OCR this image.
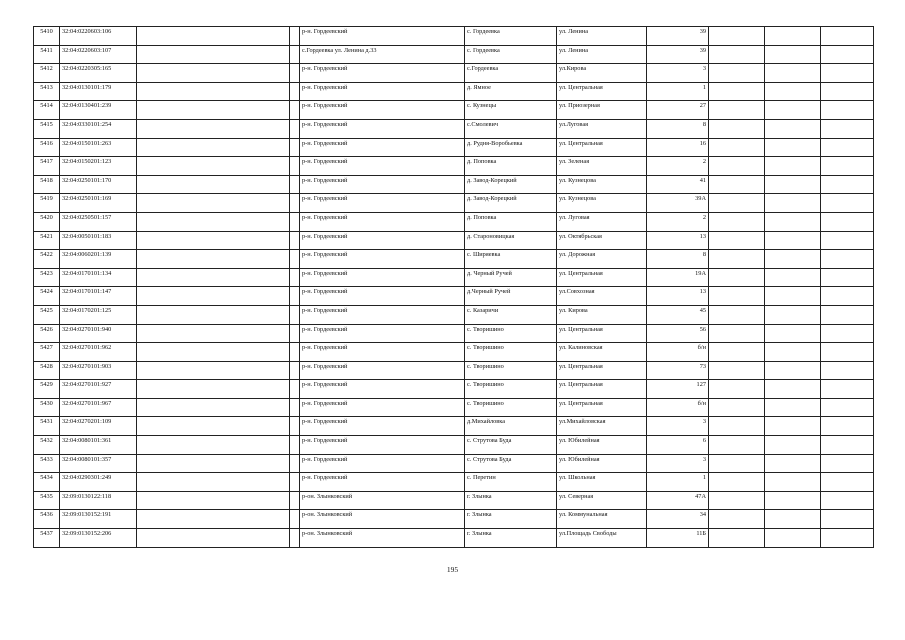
5410	32:04:0220603:106			р-н. Гордеевский	с. Гордеевка	ул. Ленина	39			
5411	32:04:0220603:107			с.Гордеевка ул. Ленина д.33	с. Гордеевка	ул. Ленина	39			
5412	32:04:0220305:165			р-н. Гордеевский	с.Гордеевка	ул.Кирова	3			
5413	32:04:0130101:179			р-н. Гордеевский	д. Ямное	ул. Центральная	1			
5414	32:04:0130401:239			р-н. Гордеевский	с. Кузнецы	ул. Приозерная	27			
5415	32:04:0330101:254			р-н. Гордеевский	с.Смолевич	ул.Луговая	8			
5416	32:04:0150101:263			р-н. Гордеевский	д. Рудня-Воробьевка	ул. Центральная	16			
5417	32:04:0150201:123			р-н. Гордеевский	д. Поповка	ул. Зеленая	2			
5418	32:04:0250101:170			р-н. Гордеевский	д. Завод-Корецкий	ул. Кузнецова	41			
5419	32:04:0250101:169			р-н. Гордеевский	д. Завод-Корецкий	ул. Кузнецова	39А			
5420	32:04:0250501:157			р-н. Гордеевский	д. Поповка	ул. Луговая	2			
5421	32:04:0050101:183			р-н. Гордеевский	д. Староновицкая	ул. Октябрьская	13			
5422	32:04:0060201:139			р-н. Гордеевский	с. Ширяевка	ул. Дорожная	8			
5423	32:04:0170101:134			р-н. Гордеевский	д. Черный Ручей	ул. Центральная	19А			
5424	32:04:0170101:147			р-н. Гордеевский	д.Черный Ручей	ул.Совхозная	13			
5425	32:04:0170201:125			р-н. Гордеевский	с. Казаричи	ул. Кирова	45			
5426	32:04:0270101:940			р-н. Гордеевский	с. Творишино	ул. Центральная	56			
5427	32:04:0270101:962			р-н. Гордеевский	с. Творишино	ул. Калиновская	б/н			
5428	32:04:0270101:903			р-н. Гордеевский	с. Творишино	ул. Центральная	73			
5429	32:04:0270101:927			р-н. Гордеевский	с. Творишино	ул. Центральная	127			
5430	32:04:0270101:967			р-н. Гордеевский	с. Творишино	ул. Центральная	б/н			
5431	32:04:0270201:109			р-н. Гордеевский	д.Михайловка	ул.Михайловская	3			
5432	32:04:0080101:361			р-н. Гордеевский	с. Струтова Буда	ул. Юбилейная	6			
5433	32:04:0080101:357			р-н. Гордеевский	с. Струтова Буда	ул. Юбилейная	3			
5434	32:04:0290301:249			р-н. Гордеевский	с. Перетин	ул. Школьная	1			
5435	32:09:0130122:118			р-он. Злынковский	г. Злынка	ул. Северная	47А			
5436	32:09:0130152:191			р-он. Злынковский	г. Злынка	ул. Коммунальная	34			
5437	32:09:0130152:206			р-он. Злынковский	г. Злынка	ул.Площадь Свободы	11Б			
195
